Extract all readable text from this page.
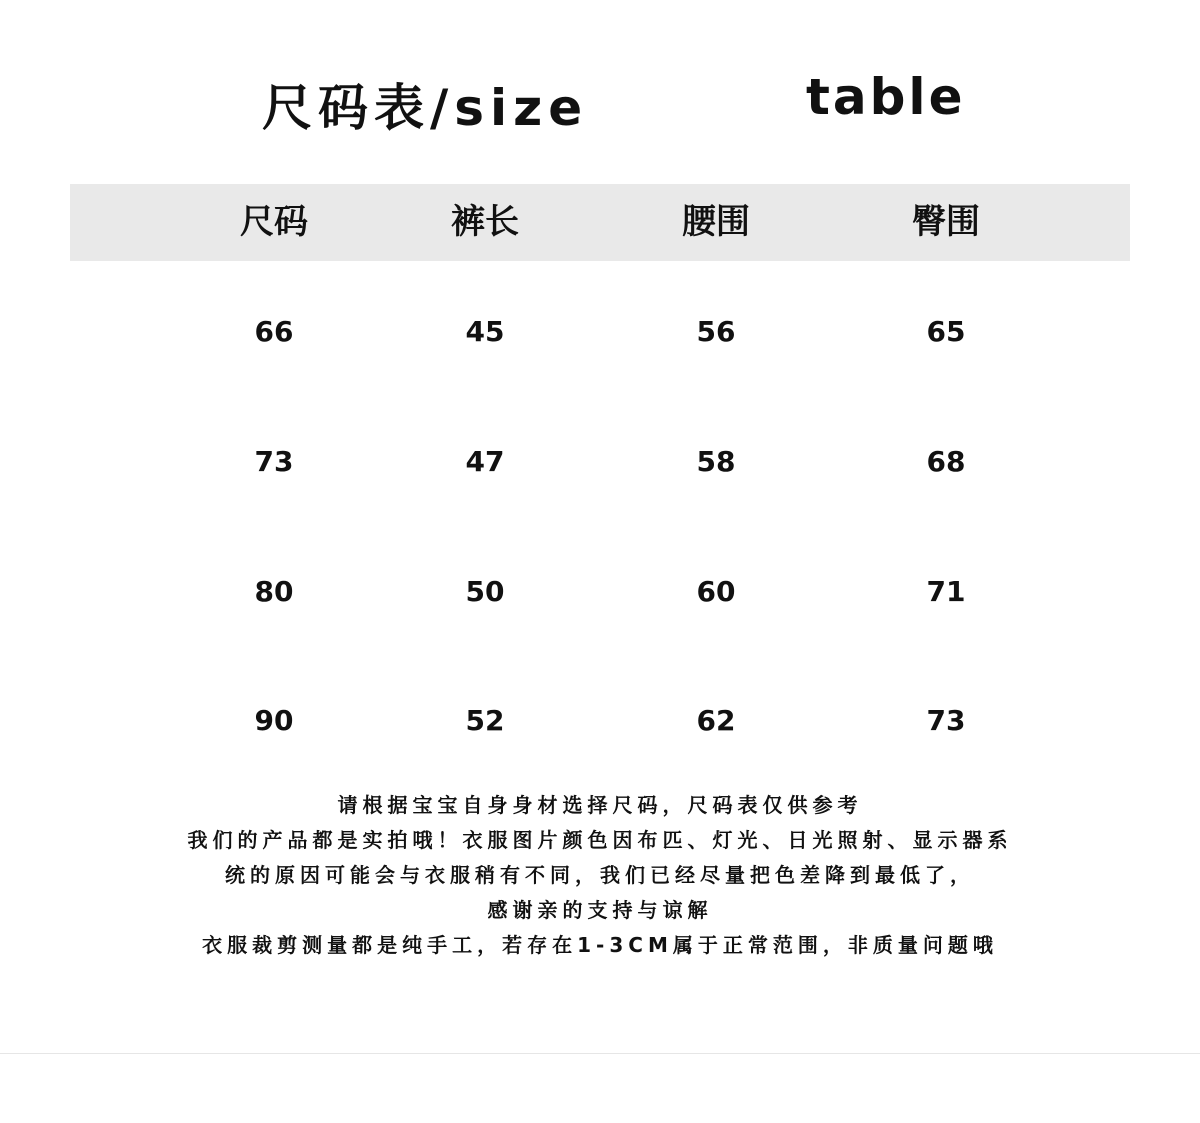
尺码表/size	table
尺码	裤长	腰围	臀围
66	45	56	65
73	47	58	68
80	50	60	71
90	52	62	73
请根据宝宝自身身材选择尺码，尺码表仅供参考
我们的产品都是实拍哦！衣服图片颜色因布匹、灯光、日光照射、显示器系
统的原因可能会与衣服稍有不同，我们已经尽量把色差降到最低了，
感谢亲的支持与谅解
衣服裁剪测量都是纯手工，若存在1-3CM属于正常范围，非质量问题哦
